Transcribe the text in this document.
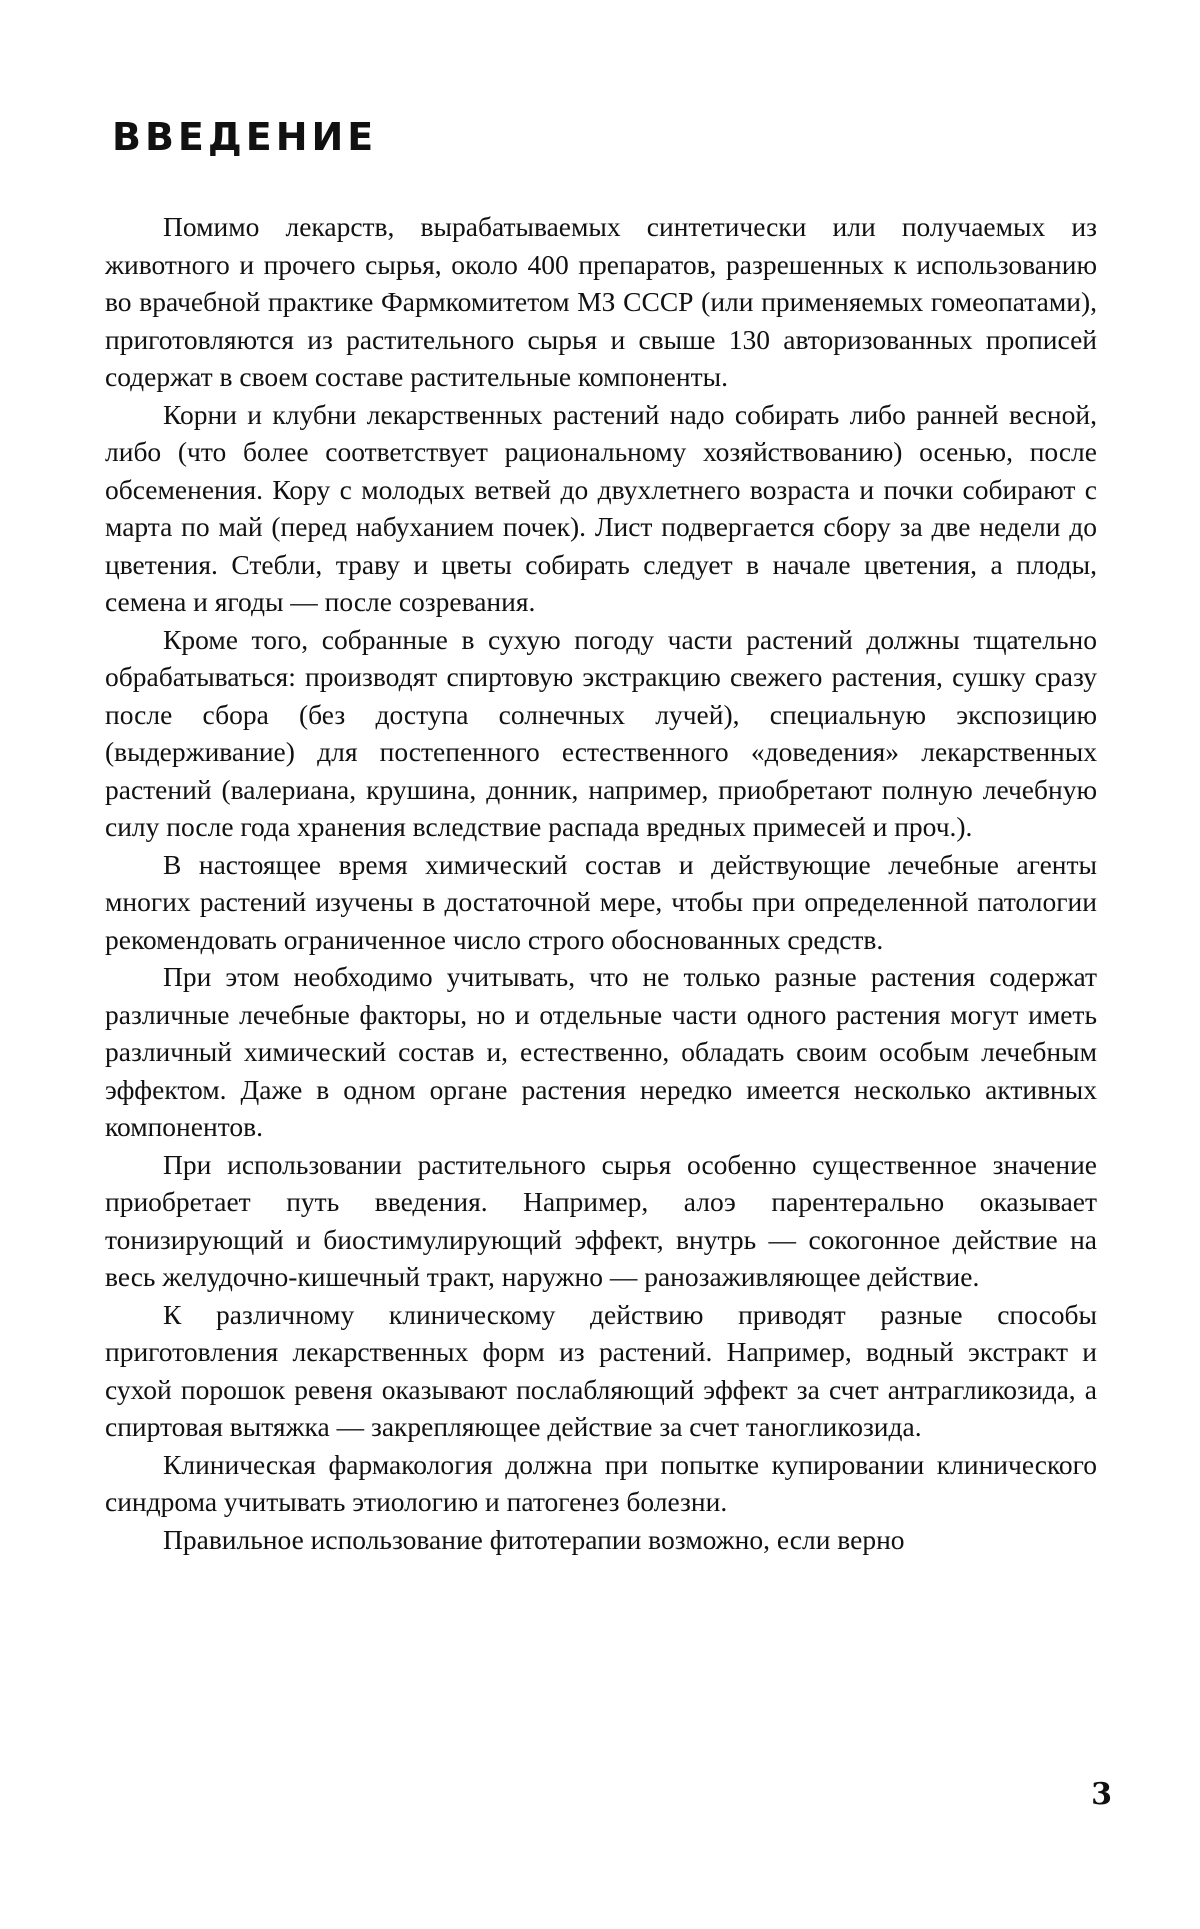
ВВЕДЕНИЕ

Помимо лекарств, вырабатываемых синтетически или получаемых из животного и прочего сырья, около 400 препаратов, разрешенных к использованию во врачебной практике Фармкомитетом МЗ СССР (или применяемых гомеопатами), приготовляются из растительного сырья и свыше 130 авторизованных прописей содержат в своем составе растительные компоненты.

Корни и клубни лекарственных растений надо собирать либо ранней весной, либо (что более соответствует рациональному хозяйствованию) осенью, после обсеменения. Кору с молодых ветвей до двухлетнего возраста и почки собирают с марта по май (перед набуханием почек). Лист подвергается сбору за две недели до цветения. Стебли, траву и цветы собирать следует в начале цветения, а плоды, семена и ягоды — после созревания.

Кроме того, собранные в сухую погоду части растений должны тщательно обрабатываться: производят спиртовую экстракцию свежего растения, сушку сразу после сбора (без доступа солнечных лучей), специальную экспозицию (выдерживание) для постепенного естественного «доведения» лекарственных растений (валериана, крушина, донник, например, приобретают полную лечебную силу после года хранения вследствие распада вредных примесей и проч.).

В настоящее время химический состав и действующие лечебные агенты многих растений изучены в достаточной мере, чтобы при определенной патологии рекомендовать ограниченное число строго обоснованных средств.

При этом необходимо учитывать, что не только разные растения содержат различные лечебные факторы, но и отдельные части одного растения могут иметь различный химический состав и, естественно, обладать своим особым лечебным эффектом. Даже в одном органе растения нередко имеется несколько активных компонентов.

При использовании растительного сырья особенно существенное значение приобретает путь введения. Например, алоэ парентерально оказывает тонизирующий и биостимулирующий эффект, внутрь — сокогонное действие на весь желудочно-кишечный тракт, наружно — ранозаживляющее действие.

К различному клиническому действию приводят разные способы приготовления лекарственных форм из растений. Например, водный экстракт и сухой порошок ревеня оказывают послабляющий эффект за счет антрагликозида, а спиртовая вытяжка — закрепляющее действие за счет таногликозида.

Клиническая фармакология должна при попытке купировании клинического синдрома учитывать этиологию и патогенез болезни.

Правильное использование фитотерапии возможно, если верно

3
